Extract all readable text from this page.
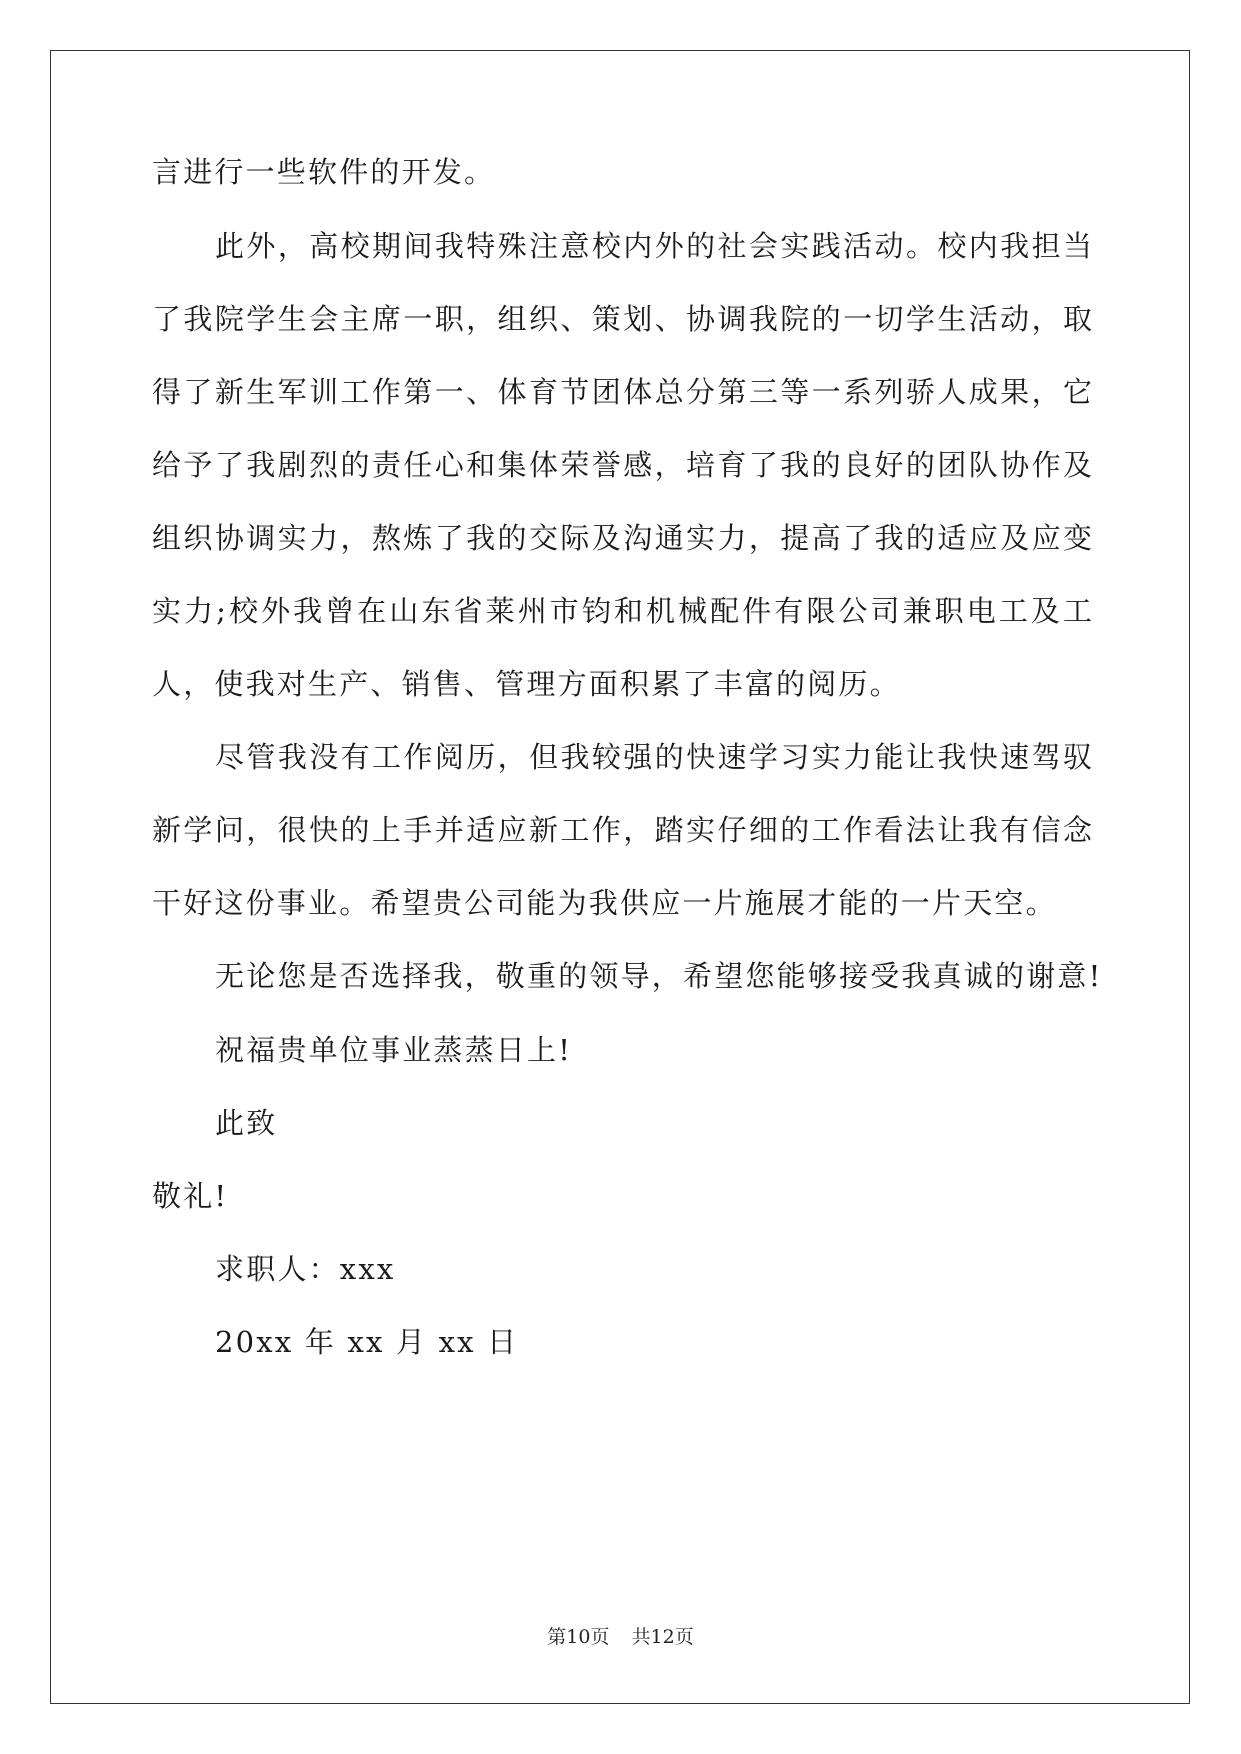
言进行一些软件的开发。
此外，高校期间我特殊注意校内外的社会实践活动。校内我担当
了我院学生会主席一职，组织、策划、协调我院的一切学生活动，取
得了新生军训工作第一、体育节团体总分第三等一系列骄人成果，它
给予了我剧烈的责任心和集体荣誉感，培育了我的良好的团队协作及
组织协调实力，熬炼了我的交际及沟通实力，提高了我的适应及应变
实力;校外我曾在山东省莱州市钧和机械配件有限公司兼职电工及工
人，使我对生产、销售、管理方面积累了丰富的阅历。
尽管我没有工作阅历，但我较强的快速学习实力能让我快速驾驭
新学问，很快的上手并适应新工作，踏实仔细的工作看法让我有信念
干好这份事业。希望贵公司能为我供应一片施展才能的一片天空。
无论您是否选择我，敬重的领导，希望您能够接受我真诚的谢意!
祝福贵单位事业蒸蒸日上!
此致
敬礼!
求职人：xxx
20xx 年 xx 月 xx 日
第10页 共12页
